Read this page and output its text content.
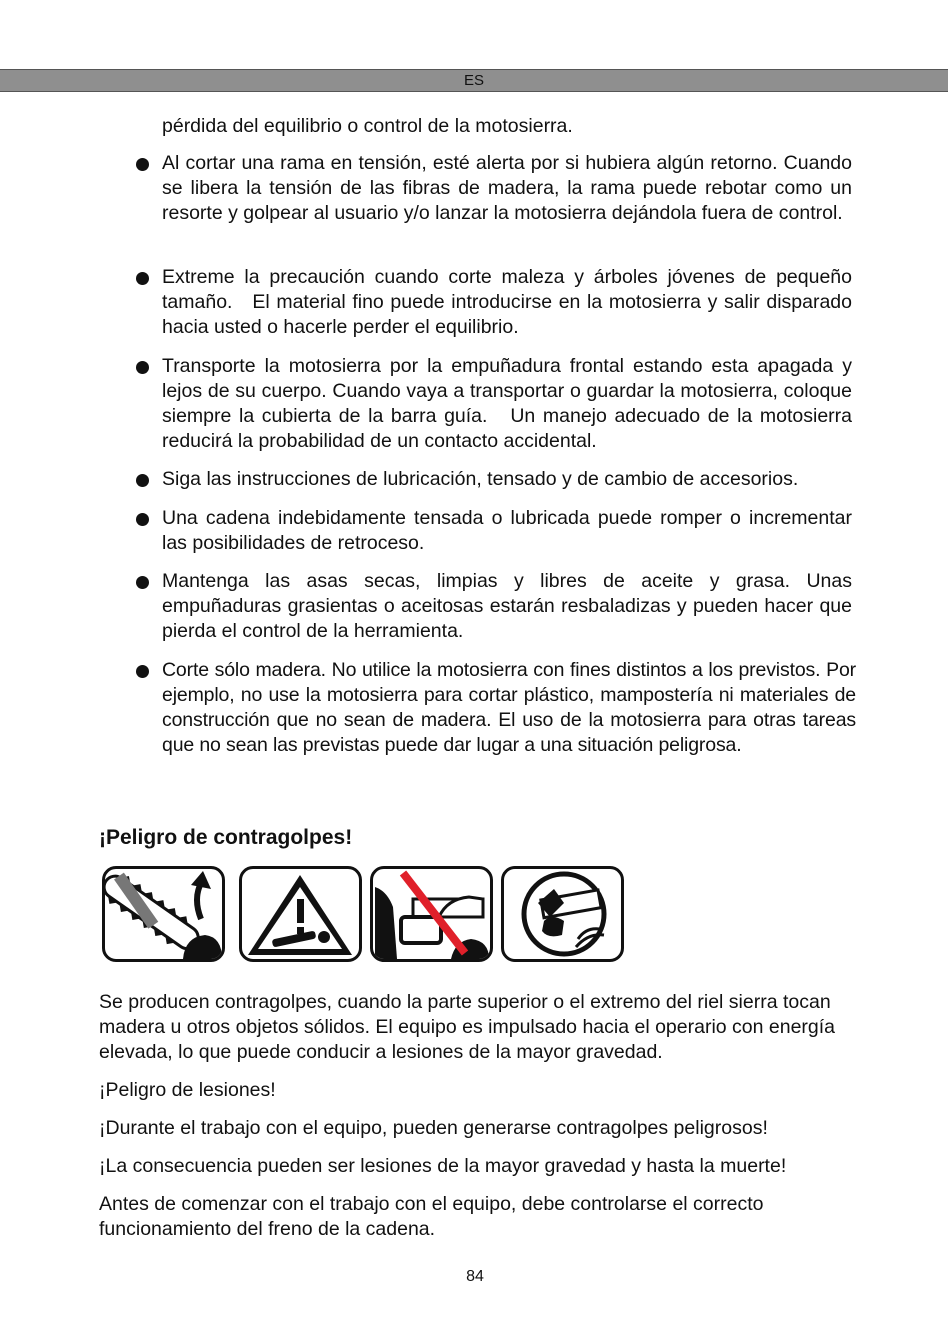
ES

pérdida del equilibrio o control de la motosierra.

Al cortar una rama en tensión, esté alerta por si hubiera algún retorno. Cuando se libera la tensión de las fibras de madera, la rama puede rebotar como un resorte y golpear al usuario y/o lanzar la motosierra dejándola fuera de control.

Extreme la precaución cuando corte maleza y árboles jóvenes de pequeño tamaño.   El material fino puede introducirse en la motosierra y salir disparado hacia usted o hacerle perder el equilibrio.

Transporte la motosierra por la empuñadura frontal estando esta apagada y lejos de su cuerpo. Cuando vaya a transportar o guardar la motosierra, coloque siempre la cubierta de la barra guía.   Un manejo adecuado de la motosierra reducirá la probabilidad de un contacto accidental.

Siga las instrucciones de lubricación, tensado y de cambio de accesorios.

Una cadena indebidamente tensada o lubricada puede romper o incrementar las posibilidades de retroceso.

Mantenga las asas secas, limpias y libres de aceite y grasa. Unas empuñaduras grasientas o aceitosas estarán resbaladizas y pueden hacer que pierda el control de la herramienta.

Corte sólo madera. No utilice la motosierra con fines distintos a los previstos. Por ejemplo, no use la motosierra para cortar plástico, mampostería ni materiales de construcción que no sean de madera. El uso de la motosierra para otras tareas que no sean las previstas puede dar lugar a una situación peligrosa.

¡Peligro de contragolpes!

Se producen contragolpes, cuando la parte superior o el extremo del riel sierra tocan madera u otros objetos sólidos. El equipo es impulsado hacia el operario con energía elevada, lo que puede conducir a lesiones de la mayor gravedad.

¡Peligro de lesiones!

¡Durante el trabajo con el equipo, pueden generarse contragolpes peligrosos!

¡La consecuencia pueden ser lesiones de la mayor gravedad y hasta la muerte!

Antes de comenzar con el trabajo con el equipo, debe controlarse el correcto funcionamiento del freno de la cadena.

84
